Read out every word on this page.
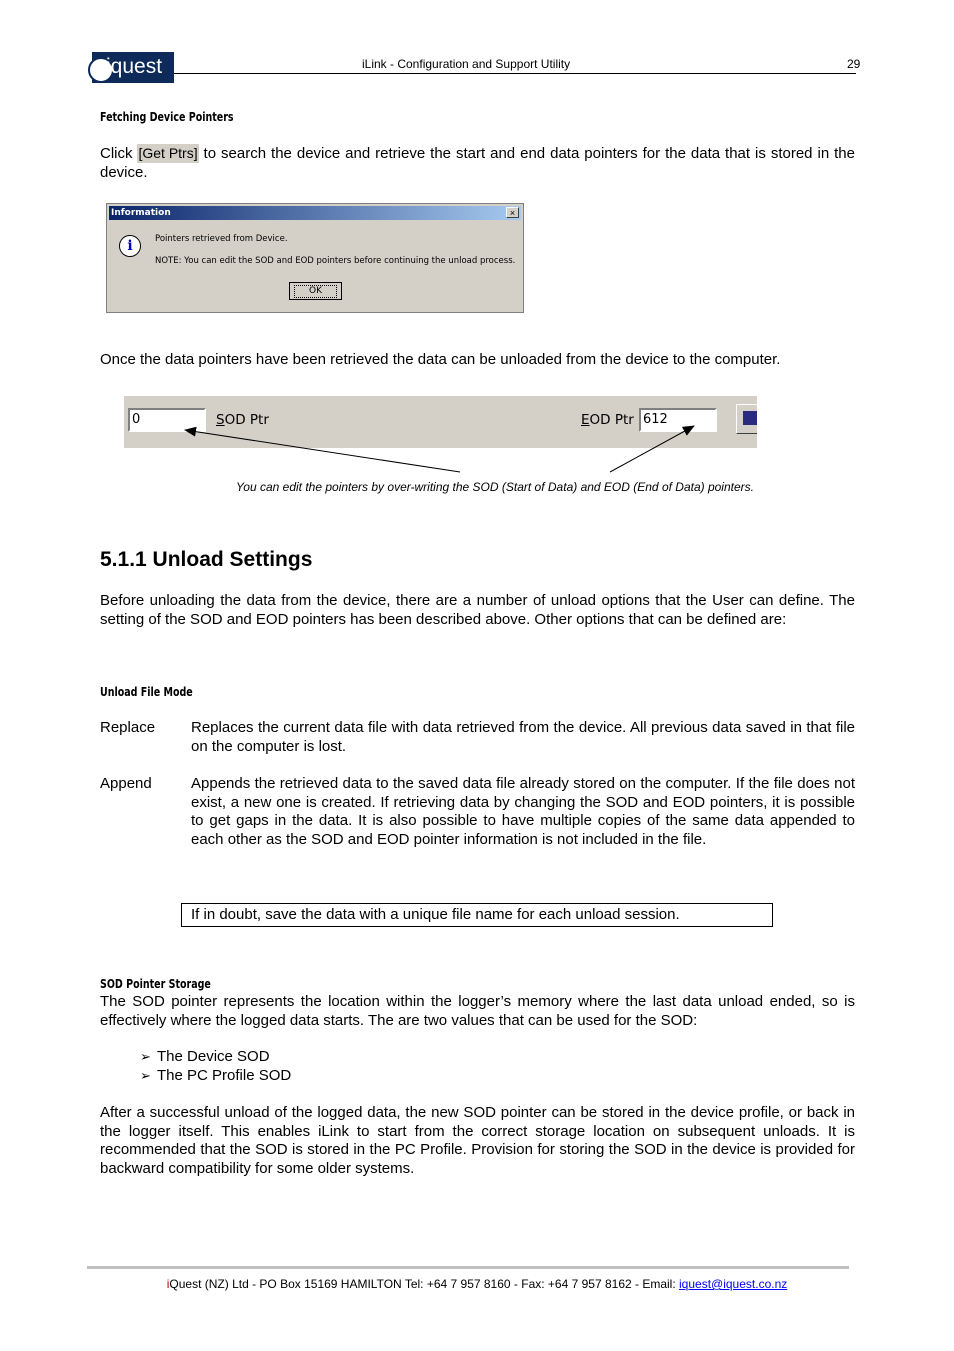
iquest	iLink - Configuration and Support Utility	29
Fetching Device Pointers
Click [Get Ptrs] to search the device and retrieve the start and end data pointers for the data that is stored in the device.
Information	×
i	Pointers retrieved from Device.
NOTE: You can edit the SOD and EOD pointers before continuing the unload process.
OK
Once the data pointers have been retrieved the data can be unloaded from the device to the computer.
0	SOD Ptr	EOD Ptr 612
You can edit the pointers by over-writing the SOD (Start of Data) and EOD (End of Data) pointers.
5.1.1 Unload Settings
Before unloading the data from the device, there are a number of unload options that the User can define. The setting of the SOD and EOD pointers has been described above. Other options that can be defined are:
Unload File Mode
Replace Replaces the current data file with data retrieved from the device. All previous data saved in that file on the computer is lost.
Append	Appends the retrieved data to the saved data file already stored on the computer. If the file does not exist, a new one is created. If retrieving data by changing the SOD and EOD pointers, it is possible to get gaps in the data. It is also possible to have multiple copies of the same data appended to each other as the SOD and EOD pointer information is not included in the file.
If in doubt, save the data with a unique file name for each unload session.
SOD Pointer Storage
The SOD pointer represents the location within the logger’s memory where the last data unload ended, so is effectively where the logged data starts. The are two values that can be used for the SOD:
➢ The Device SOD
➢ The PC Profile SOD
After a successful unload of the logged data, the new SOD pointer can be stored in the device profile, or back in the logger itself. This enables iLink to start from the correct storage location on subsequent unloads. It is recommended that the SOD is stored in the PC Profile. Provision for storing the SOD in the device is provided for backward compatibility for some older systems.
iQuest (NZ) Ltd - PO Box 15169 HAMILTON Tel: +64 7 957 8160 - Fax: +64 7 957 8162 - Email: iquest@iquest.co.nz
